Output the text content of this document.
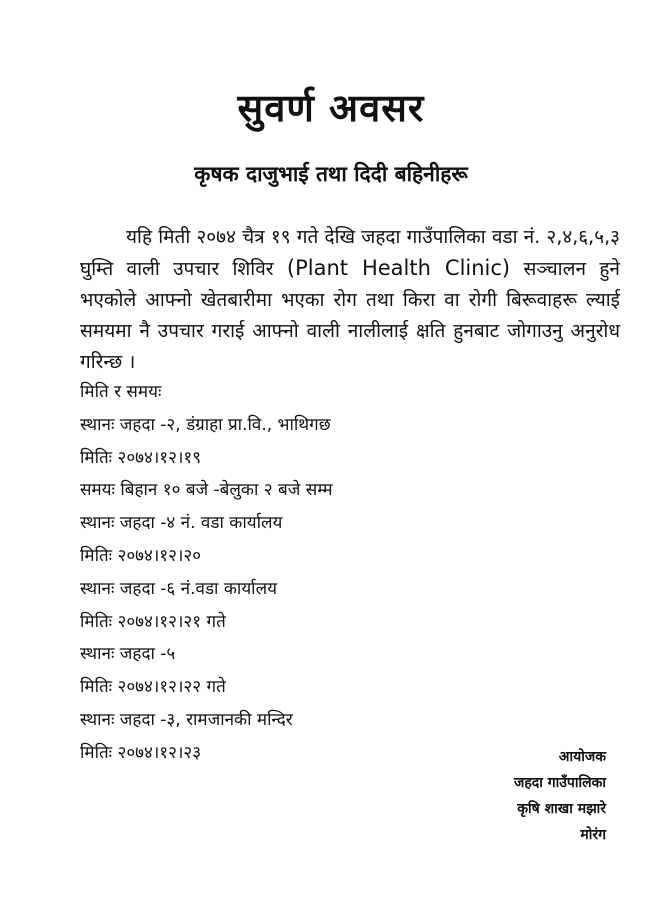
सुवर्ण अवसर
कृषक दाजुभाई तथा दिदी बहिनीहरू
यहि मिती २०७४ चैत्र १९ गते देखि जहदा गाउँपालिका वडा नं. २,४,६,५,३ घुम्ति वाली उपचार शिविर (Plant Health Clinic) सञ्चालन हुने भएकोले आफ्नो खेतबारीमा भएका रोग तथा किरा वा रोगी बिरूवाहरू ल्याई समयमा नै उपचार गराई आफ्नो वाली नालीलाई क्षति हुनबाट जोगाउनु अनुरोध गरिन्छ ।
मिति र समयः
स्थानः जहदा -२, डंग्राहा प्रा.वि., भाथिगछ
मितिः २०७४।१२।१९
समयः बिहान १० बजे -बेलुका २ बजे सम्म
स्थानः जहदा -४ नं. वडा कार्यालय
मितिः २०७४।१२।२०
स्थानः जहदा -६ नं.वडा कार्यालय
मितिः २०७४।१२।२१ गते
स्थानः जहदा -५
मितिः २०७४।१२।२२ गते
स्थानः जहदा -३, रामजानकी मन्दिर
मितिः २०७४।१२।२३	आयोजक
जहदा गाउँपालिका
कृषि शाखा मझारे
मोरंग
